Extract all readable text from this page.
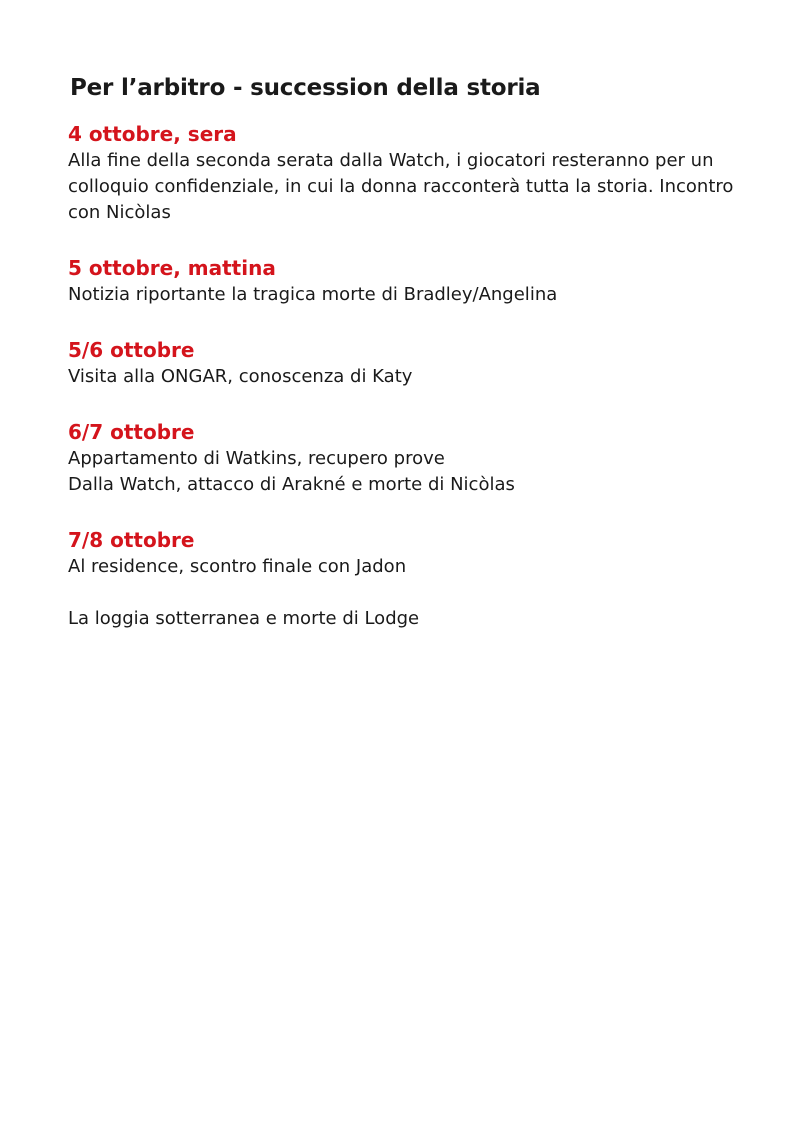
Per l’arbitro - succession della storia
4 ottobre, sera
Alla fine della seconda serata dalla Watch, i giocatori resteranno per un colloquio confidenziale, in cui la donna racconterà tutta la storia. Incontro con Nicòlas
5 ottobre, mattina
Notizia riportante la tragica morte di Bradley/Angelina
5/6 ottobre
Visita alla ONGAR, conoscenza di Katy
6/7 ottobre
Appartamento di Watkins, recupero prove
Dalla Watch, attacco di Arakné e morte di Nicòlas
7/8 ottobre
Al residence, scontro finale con Jadon
La loggia sotterranea e morte di Lodge
